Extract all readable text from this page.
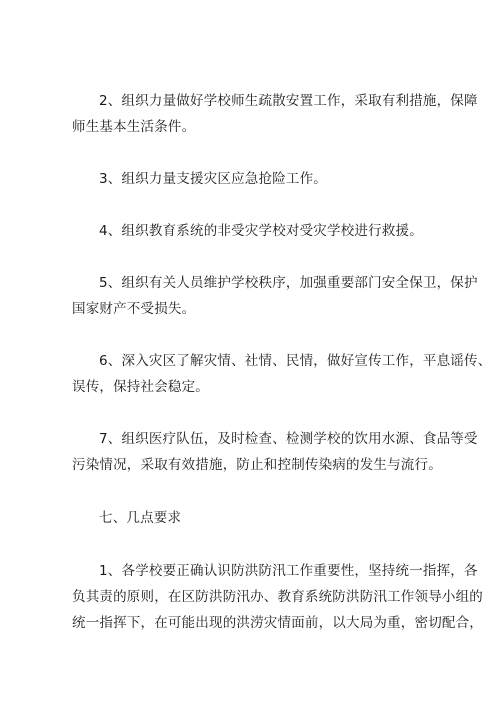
2、组织力量做好学校师生疏散安置工作，采取有利措施，保障
师生基本生活条件。
3、组织力量支援灾区应急抢险工作。
4、组织教育系统的非受灾学校对受灾学校进行救援。
5、组织有关人员维护学校秩序，加强重要部门安全保卫，保护
国家财产不受损失。
6、深入灾区了解灾情、社情、民情，做好宣传工作，平息谣传、
误传，保持社会稳定。
7、组织医疗队伍，及时检查、检测学校的饮用水源、食品等受
污染情况，采取有效措施，防止和控制传染病的发生与流行。
七、几点要求
1、各学校要正确认识防洪防汛工作重要性，坚持统一指挥，各
负其责的原则，在区防洪防汛办、教育系统防洪防汛工作领导小组的
统一指挥下，在可能出现的洪涝灾情面前，以大局为重，密切配合，
